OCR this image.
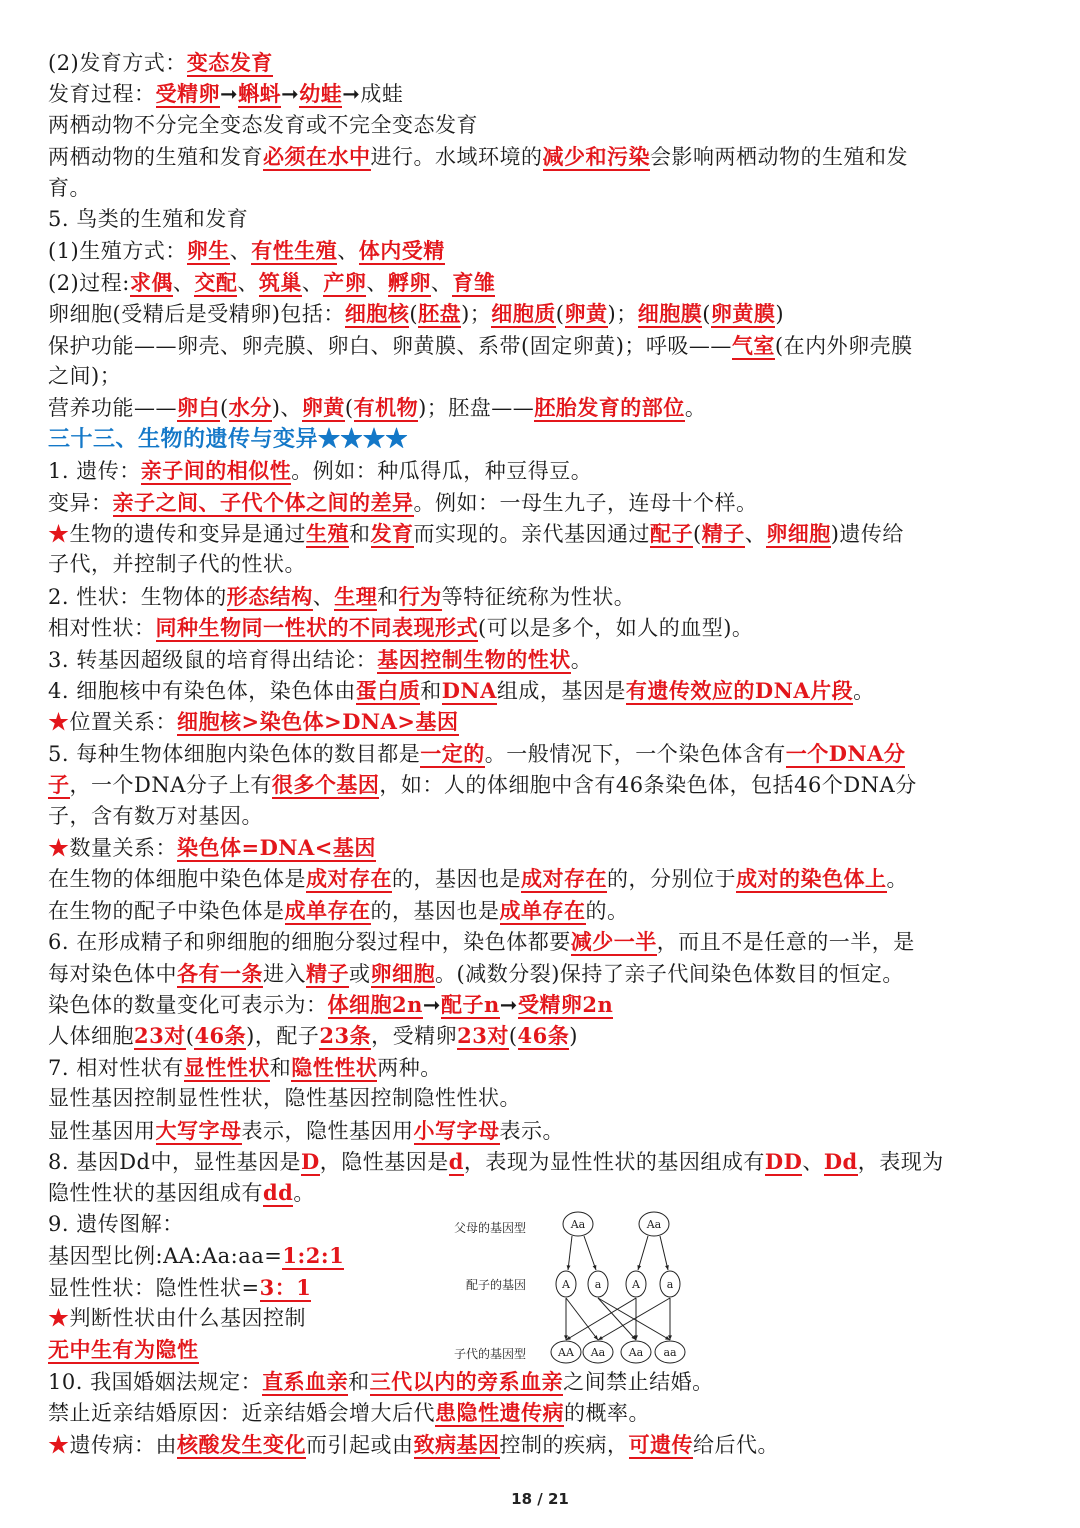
(2)发育方式：变态发育
发育过程：受精卵➞蝌蚪➞幼蛙➞成蛙
两栖动物不分完全变态发育或不完全变态发育
两栖动物的生殖和发育必须在水中进行。水域环境的减少和污染会影响两栖动物的生殖和发
育。
5. 鸟类的生殖和发育
(1)生殖方式：卵生、有性生殖、体内受精
(2)过程:求偶、交配、筑巢、产卵、孵卵、育雏
卵细胞(受精后是受精卵)包括：细胞核(胚盘)；细胞质(卵黄)；细胞膜(卵黄膜)
保护功能——卵壳、卵壳膜、卵白、卵黄膜、系带(固定卵黄)；呼吸——气室(在内外卵壳膜
之间)；
营养功能——卵白(水分)、卵黄(有机物)；胚盘——胚胎发育的部位。
三十三、生物的遗传与变异★★★★
1. 遗传：亲子间的相似性。例如：种瓜得瓜，种豆得豆。
变异：亲子之间、子代个体之间的差异。例如：一母生九子，连母十个样。
★生物的遗传和变异是通过生殖和发育而实现的。亲代基因通过配子(精子、卵细胞)遗传给
子代，并控制子代的性状。
2. 性状：生物体的形态结构、生理和行为等特征统称为性状。
相对性状：同种生物同一性状的不同表现形式(可以是多个，如人的血型)。
3. 转基因超级鼠的培育得出结论：基因控制生物的性状。
4. 细胞核中有染色体，染色体由蛋白质和DNA组成，基因是有遗传效应的DNA片段。
★位置关系：细胞核>染色体>DNA>基因
5. 每种生物体细胞内染色体的数目都是一定的。一般情况下，一个染色体含有一个DNA分
子，一个DNA分子上有很多个基因，如：人的体细胞中含有46条染色体，包括46个DNA分
子，含有数万对基因。
★数量关系：染色体=DNA<基因
在生物的体细胞中染色体是成对存在的，基因也是成对存在的，分别位于成对的染色体上。
在生物的配子中染色体是成单存在的，基因也是成单存在的。
6. 在形成精子和卵细胞的细胞分裂过程中，染色体都要减少一半，而且不是任意的一半，是
每对染色体中各有一条进入精子或卵细胞。(减数分裂)保持了亲子代间染色体数目的恒定。
染色体的数量变化可表示为：体细胞2n➞配子n➞受精卵2n
人体细胞23对(46条)，配子23条，受精卵23对(46条)
7. 相对性状有显性性状和隐性性状两种。
显性基因控制显性性状，隐性基因控制隐性性状。
显性基因用大写字母表示，隐性基因用小写字母表示。
8. 基因Dd中，显性基因是D，隐性基因是d，表现为显性性状的基因组成有DD、Dd，表现为
隐性性状的基因组成有dd。
9. 遗传图解：
基因型比例:AA:Aa:aa=1:2:1
显性性状：隐性性状=3：1
★判断性状由什么基因控制
无中生有为隐性
10. 我国婚姻法规定：直系血亲和三代以内的旁系血亲之间禁止结婚。
禁止近亲结婚原因：近亲结婚会增大后代患隐性遗传病的概率。
★遗传病：由核酸发生变化而引起或由致病基因控制的疾病，可遗传给后代。
父母的基因型
配子的基因
子代的基因型
Aa	Aa
A a	A a
AA Aa Aa aa
18 / 21
